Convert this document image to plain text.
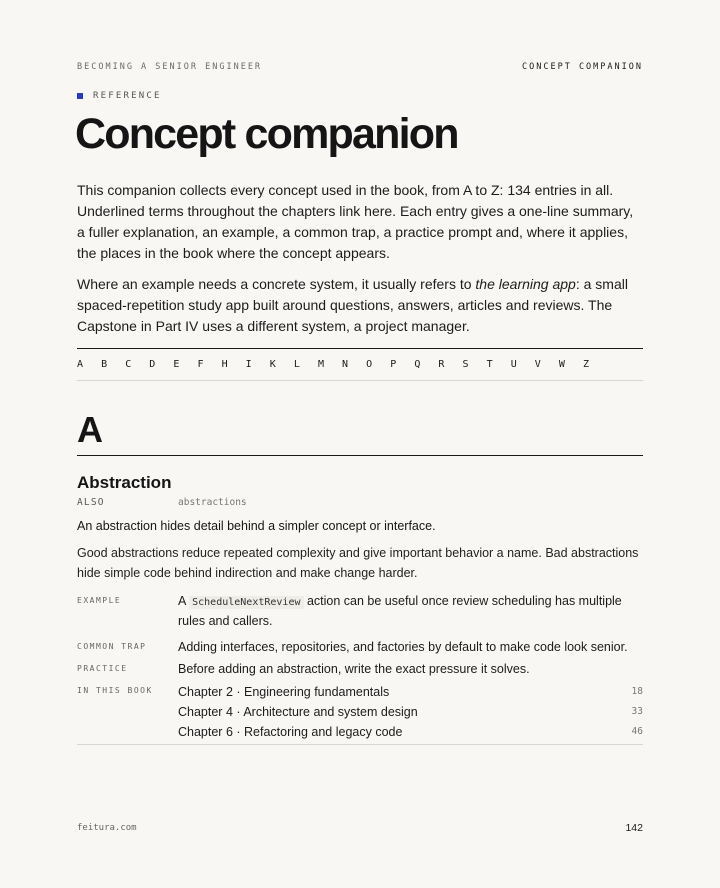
BECOMING A SENIOR ENGINEER	CONCEPT COMPANION
REFERENCE
Concept companion

This companion collects every concept used in the book, from A to Z: 134 entries in all. Underlined terms throughout the chapters link here. Each entry gives a one-line summary, a fuller explanation, an example, a common trap, a practice prompt and, where it applies, the places in the book where the concept appears.

Where an example needs a concrete system, it usually refers to the learning app: a small spaced-repetition study app built around questions, answers, articles and reviews. The Capstone in Part IV uses a different system, a project manager.

A	B	C	D	E	F	H	I	K	L	M	N	O	P	Q	R	S	T	U	V	W	Z
A
Abstraction
ALSO	abstractions
An abstraction hides detail behind a simpler concept or interface.
Good abstractions reduce repeated complexity and give important behavior a name. Bad abstractions hide simple code behind indirection and make change harder.
EXAMPLE	A ScheduleNextReview action can be useful once review scheduling has multiple rules and callers.
COMMON TRAP	Adding interfaces, repositories, and factories by default to make code look senior.
PRACTICE	Before adding an abstraction, write the exact pressure it solves.
IN THIS BOOK	Chapter 2 · Engineering fundamentals	18
Chapter 4 · Architecture and system design	33
Chapter 6 · Refactoring and legacy code	46
feitura.com	142
